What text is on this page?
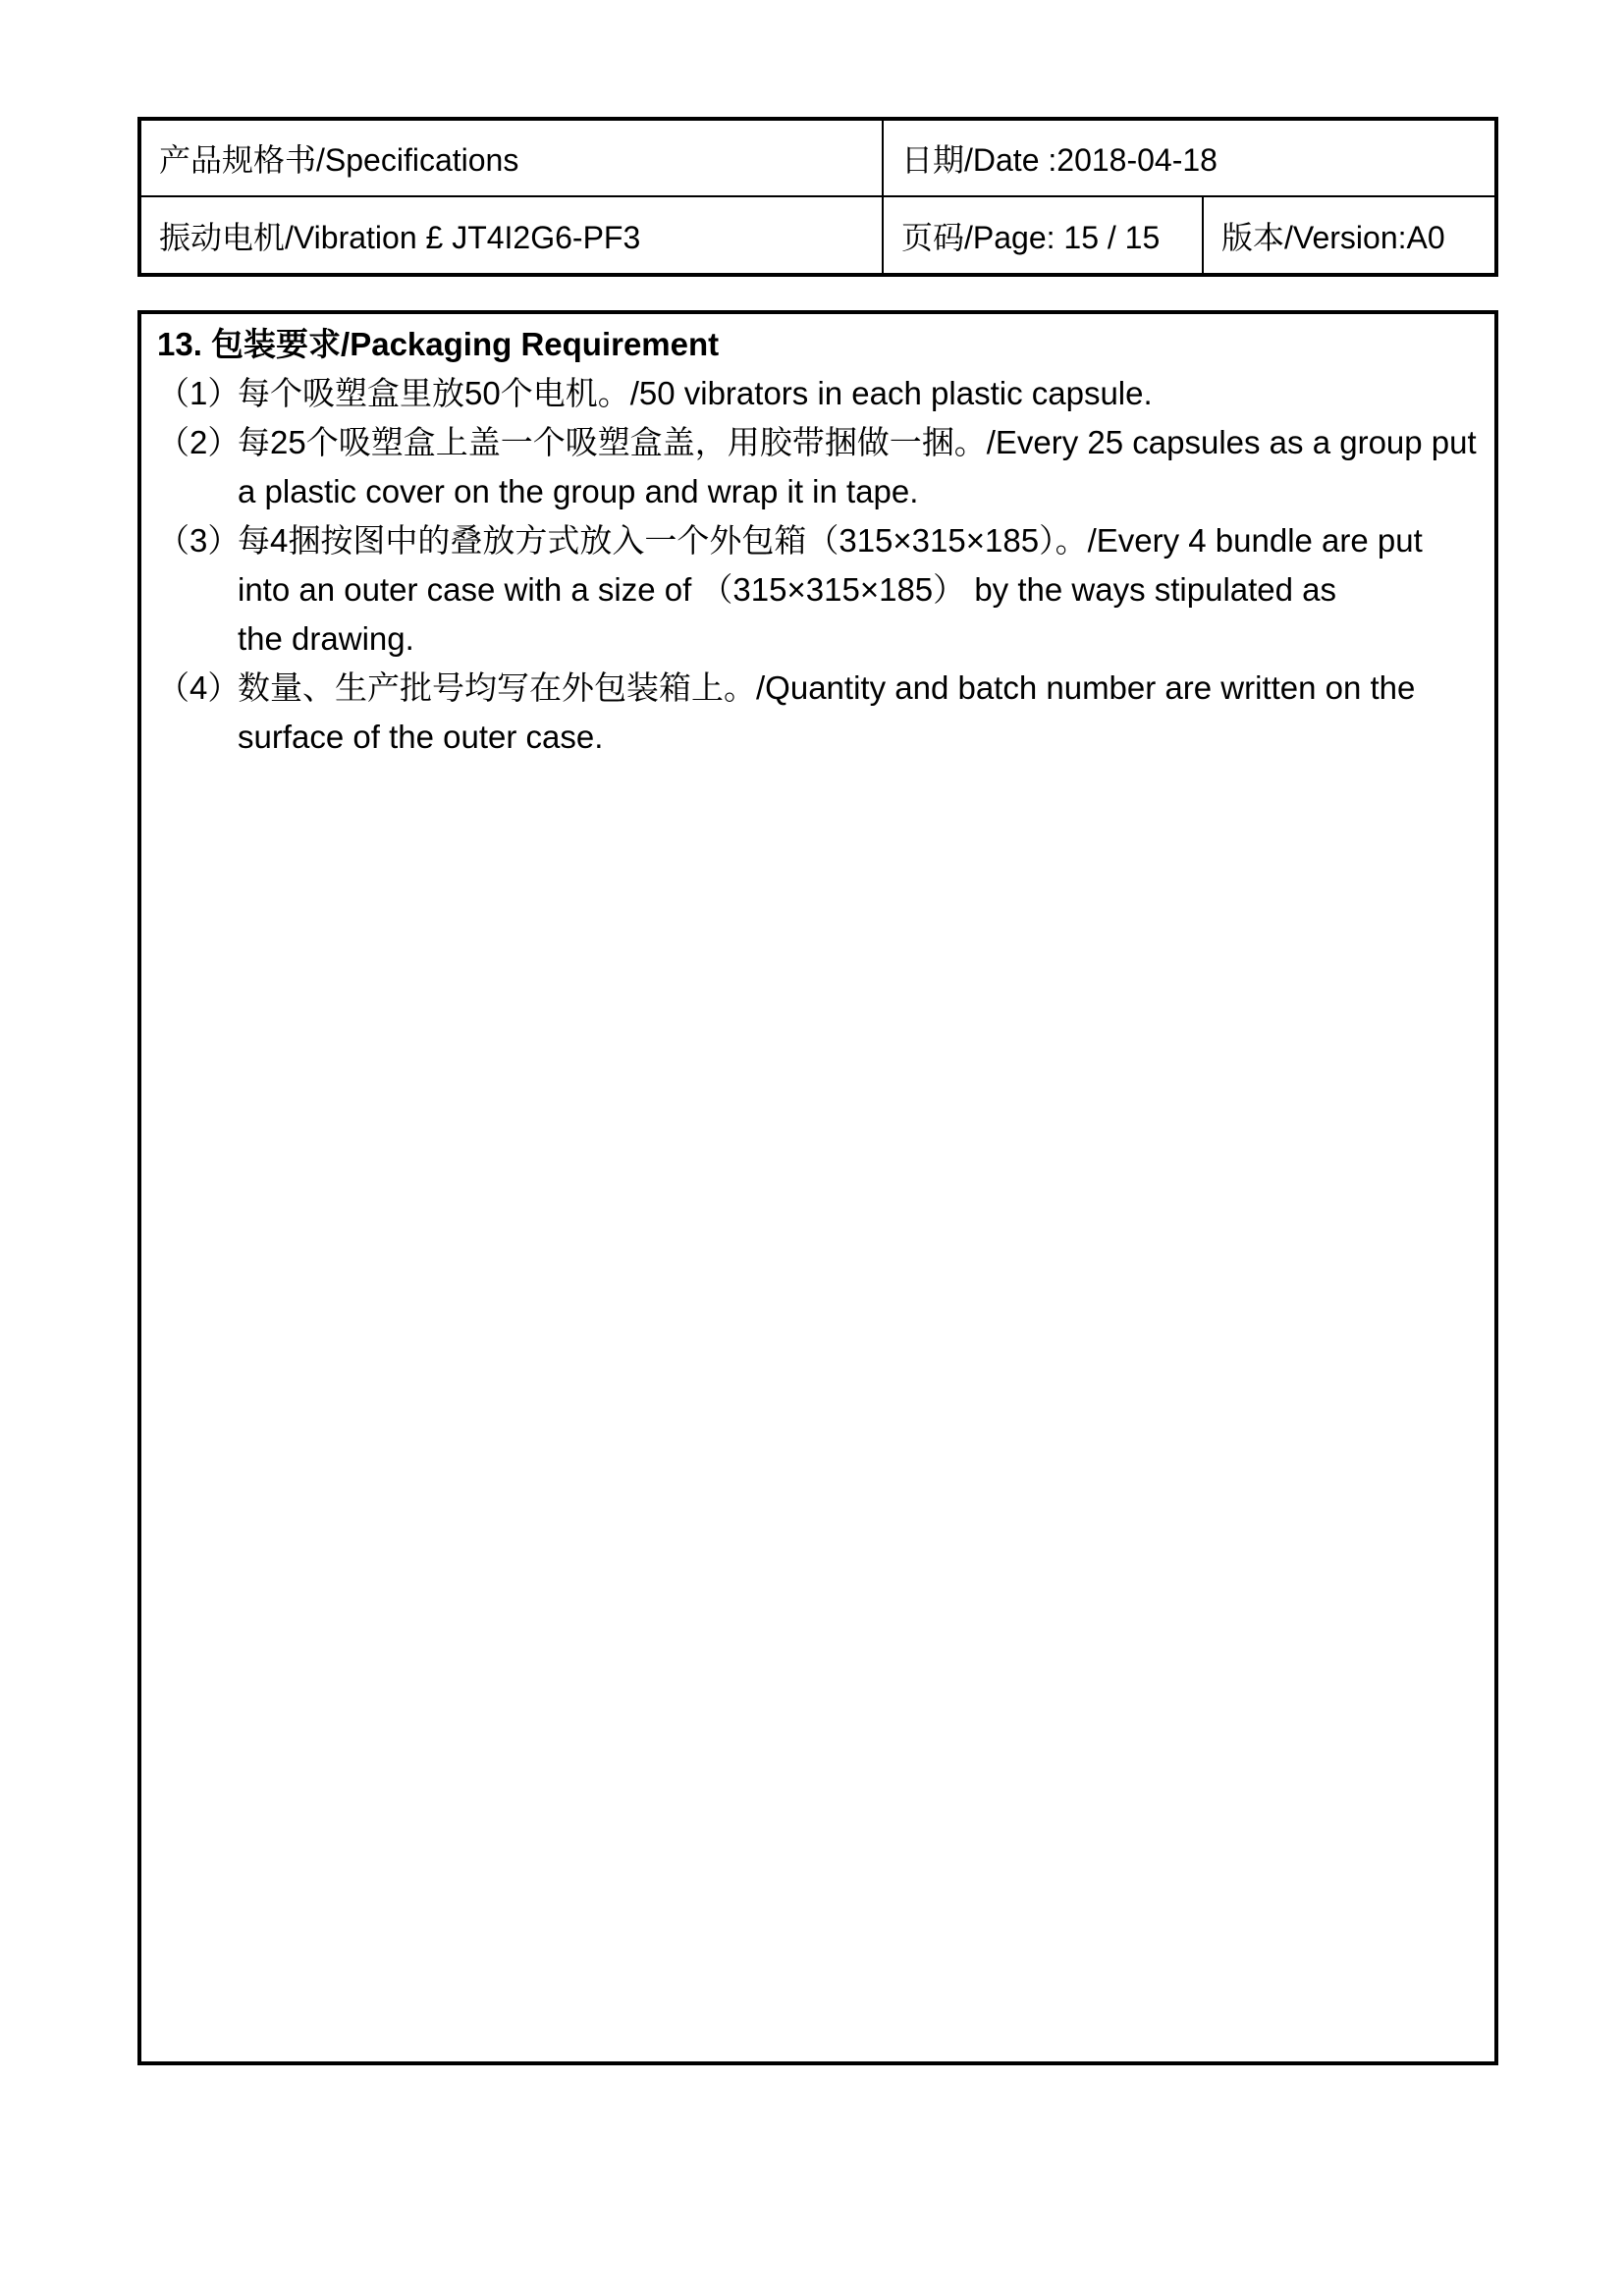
产品规格书/Specifications	日期/Date :2018-04-18
振动电机/Vibration £ JT4I2G6-PF3	页码/Page: 15 / 15	版本/Version:A0

13. 包装要求/Packaging Requirement

（1）
每个吸塑盒里放50个电机。/50 vibrators in each plastic capsule.
（2）
每25个吸塑盒上盖一个吸塑盒盖，用胶带捆做一捆。/Every 25 capsules as a group put
a plastic cover on the group and wrap it in tape.
（3）
每4捆按图中的叠放方式放入一个外包箱（315×315×185）。/Every 4 bundle are put
into an outer case with a size of （315×315×185） by the ways stipulated as
the drawing.
（4）
数量、生产批号均写在外包装箱上。/Quantity and batch number are written on the
surface of the outer case.
